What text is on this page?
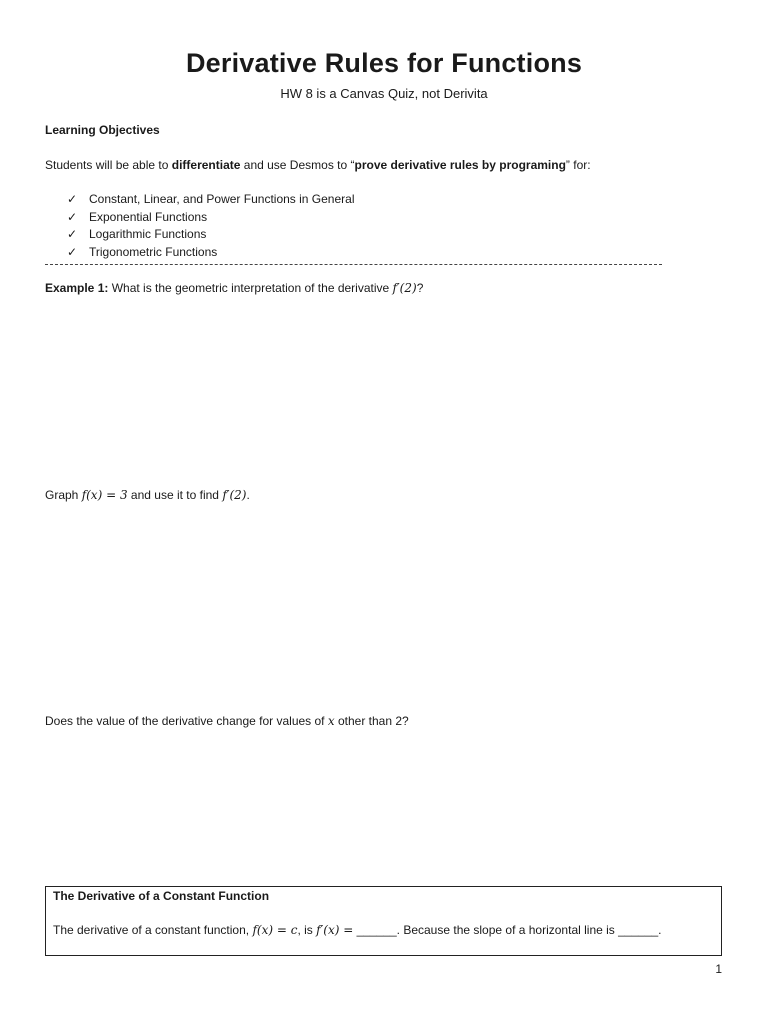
Derivative Rules for Functions
HW 8 is a Canvas Quiz, not Derivita
Learning Objectives
Students will be able to differentiate and use Desmos to “prove derivative rules by programing” for:
✓ Constant, Linear, and Power Functions in General
✓ Exponential Functions
✓ Logarithmic Functions
✓ Trigonometric Functions
Example 1: What is the geometric interpretation of the derivative f′(2)?
Graph f(x) = 3 and use it to find f′(2).
Does the value of the derivative change for values of x other than 2?
The Derivative of a Constant Function
The derivative of a constant function, f(x) = c, is f′(x) = ______. Because the slope of a horizontal line is ______.
1
